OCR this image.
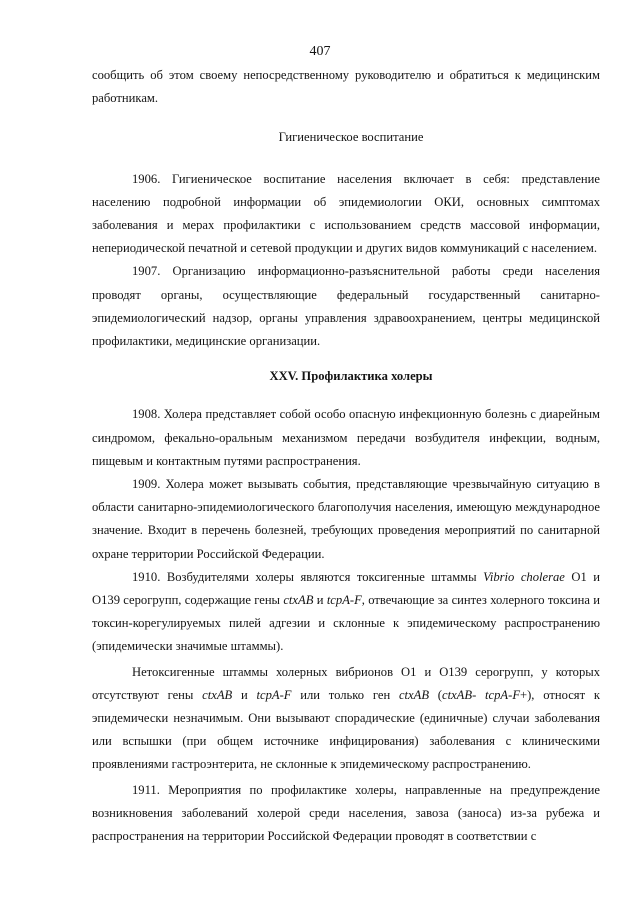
407

сообщить об этом своему непосредственному руководителю и обратиться к медицинским работникам.

Гигиеническое воспитание

1906. Гигиеническое воспитание населения включает в себя: представление населению подробной информации об эпидемиологии ОКИ, основных симптомах заболевания и мерах профилактики с использованием средств массовой информации, непериодической печатной и сетевой продукции и других видов коммуникаций с населением.

1907. Организацию информационно-разъяснительной работы среди населения проводят органы, осуществляющие федеральный государственный санитарно-эпидемиологический надзор, органы управления здравоохранением, центры медицинской профилактики, медицинские организации.

XXV. Профилактика холеры

1908. Холера представляет собой особо опасную инфекционную болезнь с диарейным синдромом, фекально-оральным механизмом передачи возбудителя инфекции, водным, пищевым и контактным путями распространения.

1909. Холера может вызывать события, представляющие чрезвычайную ситуацию в области санитарно-эпидемиологического благополучия населения, имеющую международное значение. Входит в перечень болезней, требующих проведения мероприятий по санитарной охране территории Российской Федерации.

1910. Возбудителями холеры являются токсигенные штаммы Vibrio cholerae O1 и O139 серогрупп, содержащие гены ctxAB и tcpA-F, отвечающие за синтез холерного токсина и токсин-корегулируемых пилей адгезии и склонные к эпидемическому распространению (эпидемически значимые штаммы).

Нетоксигенные штаммы холерных вибрионов O1 и O139 серогрупп, у которых отсутствуют гены ctxAB и tcpA-F или только ген ctxAB (ctxAB- tcpA-F+), относят к эпидемически незначимым. Они вызывают спорадические (единичные) случаи заболевания или вспышки (при общем источнике инфицирования) заболевания с клиническими проявлениями гастроэнтерита, не склонные к эпидемическому распространению.

1911. Мероприятия по профилактике холеры, направленные на предупреждение возникновения заболеваний холерой среди населения, завоза (заноса) из-за рубежа и распространения на территории Российской Федерации проводят в соответствии с
